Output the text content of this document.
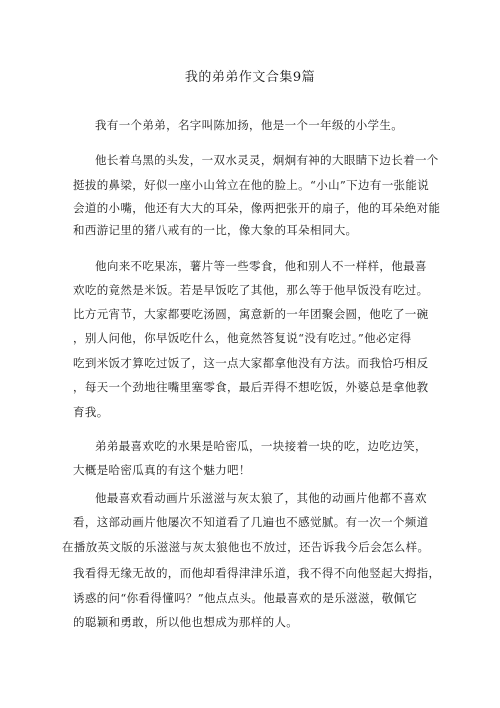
我的弟弟作文合集9篇
我有一个弟弟，名字叫陈加扬，他是一个一年级的小学生。
他长着乌黑的头发，一双水灵灵，炯炯有神的大眼睛下边长着一个
挺拔的鼻梁，好似一座小山耸立在他的脸上。“小山”下边有一张能说
会道的小嘴，他还有大大的耳朵，像两把张开的扇子，他的耳朵绝对能
和西游记里的猪八戒有的一比，像大象的耳朵相同大。
他向来不吃果冻，薯片等一些零食，他和别人不一样样，他最喜
欢吃的竟然是米饭。若是早饭吃了其他，那么等于他早饭没有吃过。
比方元宵节，大家都要吃汤圆，寓意新的一年团聚会圆，他吃了一碗
，别人问他，你早饭吃什么，他竟然答复说“没有吃过。”他必定得
吃到米饭才算吃过饭了，这一点大家都拿他没有方法。而我恰巧相反
，每天一个劲地往嘴里塞零食，最后弄得不想吃饭，外婆总是拿他教
育我。
弟弟最喜欢吃的水果是哈密瓜，一块接着一块的吃，边吃边笑，
大概是哈密瓜真的有这个魅力吧！
他最喜欢看动画片乐滋滋与灰太狼了，其他的动画片他都不喜欢
看，这部动画片他屡次不知道看了几遍也不感觉腻。有一次一个频道
在播放英文版的乐滋滋与灰太狼他也不放过，还告诉我今后会怎么样。
我看得无缘无故的，而他却看得津津乐道，我不得不向他竖起大拇指，
诱惑的问“你看得懂吗？”他点点头。他最喜欢的是乐滋滋，敬佩它
的聪颖和勇敢，所以他也想成为那样的人。
